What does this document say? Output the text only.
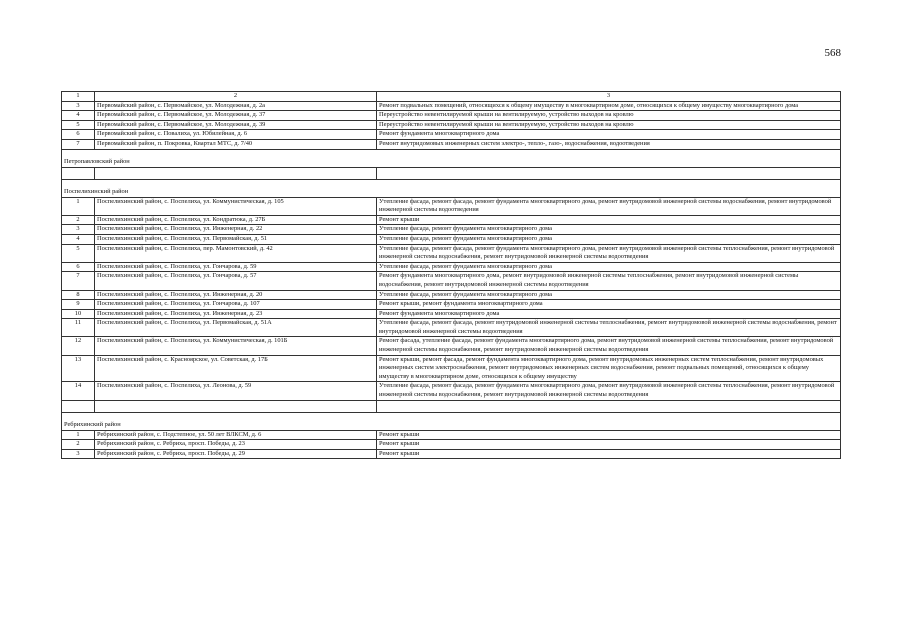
568
1	2	3
3	Первомайский район, с. Первомайское, ул. Молодежная, д. 2а	Ремонт подвальных помещений, относящихся к общему имуществу в многоквартирном доме, относящихся к общему имуществу многоквартирного дома
4	Первомайский район, с. Первомайское, ул. Молодежная, д. 37	Переустройство невентилируемой крыши на вентилируемую, устройство выходов на кровлю
5	Первомайский район, с. Первомайское, ул. Молодежная, д. 39	Переустройство невентилируемой крыши на вентилируемую, устройство выходов на кровлю
6	Первомайский район, с. Повалиха, ул. Юбилейная, д. 6	Ремонт фундамента многоквартирного дома
7	Первомайский район, п. Покровка, Квартал МТС, д. 7/40	Ремонт внутридомовых инженерных систем электро-, тепло-, газо-, водоснабжения, водоотведения
Петропавловский район		

Поспелихинский район		
1	Поспелихинский район, с. Поспелиха, ул. Коммунистическая, д. 105	Утепление фасада, ремонт фасада, ремонт фундамента многоквартирного дома, ремонт внутридомовой инженерной системы водоснабжения, ремонт внутридомовой инженерной системы водоотведения
2	Поспелихинский район, с. Поспелиха, ул. Кондратюка, д. 27Б	Ремонт крыши
3	Поспелихинский район, с. Поспелиха, ул. Инженерная, д. 22	Утепление фасада, ремонт фундамента многоквартирного дома
4	Поспелихинский район, с. Поспелиха, ул. Первомайская, д. 51	Утепление фасада, ремонт фундамента многоквартирного дома
5	Поспелихинский район, с. Поспелиха, пер. Мамонтовский, д. 42	Утепление фасада, ремонт фасада, ремонт фундамента многоквартирного дома, ремонт внутридомовой инженерной системы теплоснабжения, ремонт внутридомовой инженерной системы водоснабжения, ремонт внутридомовой инженерной системы водоотведения
6	Поспелихинский район, с. Поспелиха, ул. Гончарова, д. 59	Утепление фасада, ремонт фундамента многоквартирного дома
7	Поспелихинский район, с. Поспелиха, ул. Гончарова, д. 57	Ремонт фундамента многоквартирного дома, ремонт внутридомовой инженерной системы теплоснабжения, ремонт внутридомовой инженерной системы водоснабжения, ремонт внутридомовой инженерной системы водоотведения
8	Поспелихинский район, с. Поспелиха, ул. Инженерная, д. 20	Утепление фасада, ремонт фундамента многоквартирного дома
9	Поспелихинский район, с. Поспелиха, ул. Гончарова, д. 107	Ремонт крыши, ремонт фундамента многоквартирного дома
10	Поспелихинский район, с. Поспелиха, ул. Инженерная, д. 23	Ремонт фундамента многоквартирного дома
11	Поспелихинский район, с. Поспелиха, ул. Первомайская, д. 51А	Утепление фасада, ремонт фасада, ремонт внутридомовой инженерной системы теплоснабжения, ремонт внутридомовой инженерной системы водоснабжения, ремонт внутридомовой инженерной системы водоотведения
12	Поспелихинский район, с. Поспелиха, ул. Коммунистическая, д. 101Б	Ремонт фасада, утепление фасада, ремонт фундамента многоквартирного дома, ремонт внутридомовой инженерной системы теплоснабжения, ремонт внутридомовой инженерной системы водоснабжения, ремонт внутридомовой инженерной системы водоотведения
13	Поспелихинский район, с. Красноярское, ул. Советская, д. 17Б	Ремонт крыши, ремонт фасада, ремонт фундамента многоквартирного дома, ремонт внутридомовых инженерных систем теплоснабжения, ремонт внутридомовых инженерных систем электроснабжения, ремонт внутридомовых инженерных систем водоснабжения, ремонт подвальных помещений, относящихся к общему имуществу в многоквартирном доме, относящихся к общему имуществу
14	Поспелихинский район, с. Поспелиха, ул. Леонова, д. 59	Утепление фасада, ремонт фасада, ремонт фундамента многоквартирного дома, ремонт внутридомовой инженерной системы теплоснабжения, ремонт внутридомовой инженерной системы водоснабжения, ремонт внутридомовой инженерной системы водоотведения

Ребрихинский район		
1	Ребрихинский район, с. Подстепное, ул. 50 лет ВЛКСМ, д. 6	Ремонт крыши
2	Ребрихинский район, с. Ребриха, просп. Победы, д. 23	Ремонт крыши
3	Ребрихинский район, с. Ребриха, просп. Победы, д. 29	Ремонт крыши
